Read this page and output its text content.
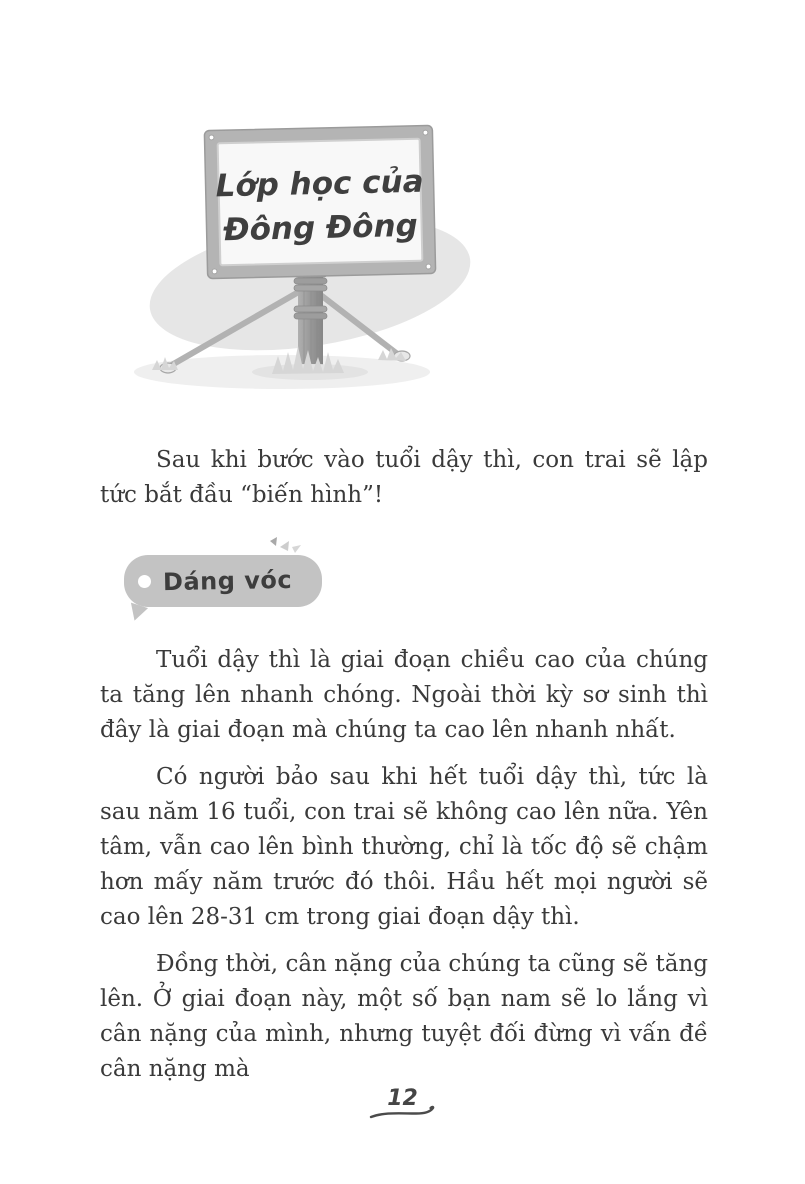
Lớp học của
Đông Đông

Sau khi bước vào tuổi dậy thì, con trai sẽ lập tức bắt đầu “biến hình”!

Dáng vóc

Tuổi dậy thì là giai đoạn chiều cao của chúng ta tăng lên nhanh chóng. Ngoài thời kỳ sơ sinh thì đây là giai đoạn mà chúng ta cao lên nhanh nhất.

Có người bảo sau khi hết tuổi dậy thì, tức là sau năm 16 tuổi, con trai sẽ không cao lên nữa. Yên tâm, vẫn cao lên bình thường, chỉ là tốc độ sẽ chậm hơn mấy năm trước đó thôi. Hầu hết mọi người sẽ cao lên 28-31 cm trong giai đoạn dậy thì.

Đồng thời, cân nặng của chúng ta cũng sẽ tăng lên. Ở giai đoạn này, một số bạn nam sẽ lo lắng vì cân nặng của mình, nhưng tuyệt đối đừng vì vấn đề cân nặng mà

12
